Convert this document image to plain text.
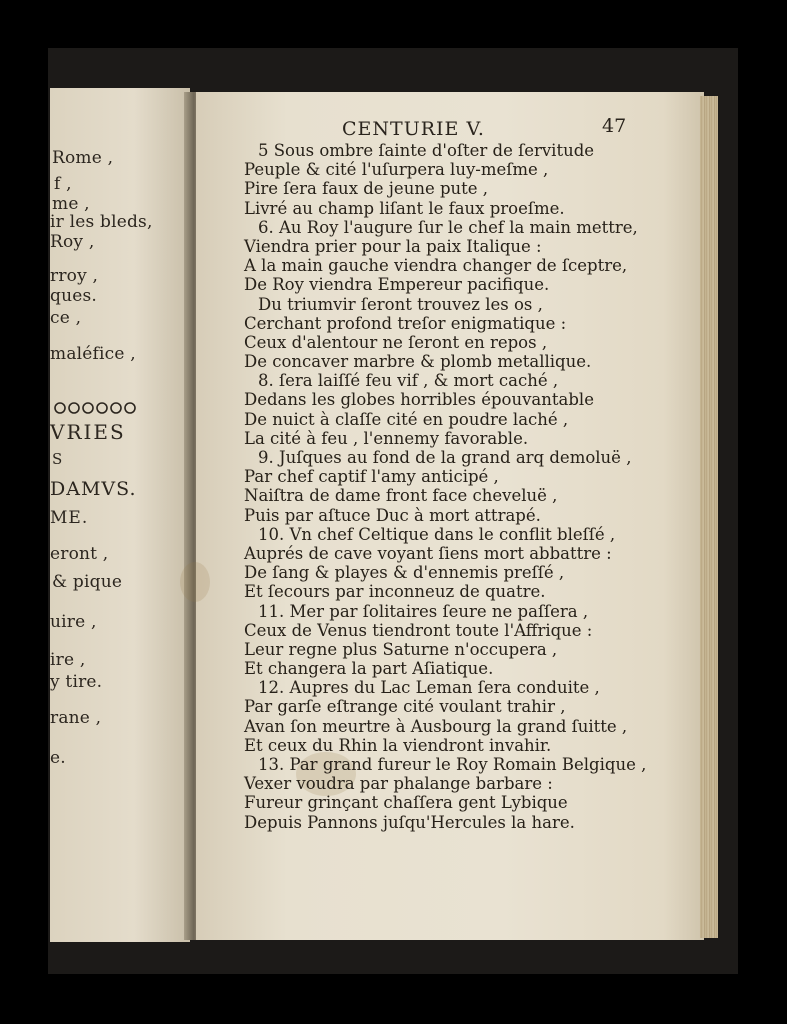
Rome ,
f ,
me ,
ir les bleds,
Roy ,
rroy ,
ques.
ce ,
maléfice ,
VRIES
S
DAMVS.
ME.
eront ,
& pique
uire ,
ire ,
y tire.
rane ,
e.
CENTURIE V.	47
5 Sous ombre ſainte d'oſter de ſervitude
Peuple & cité l'uſurpera luy-meſme ,
Pire ſera faux de jeune pute ,
Livré au champ liſant le faux proeſme.
6. Au Roy l'augure ſur le chef la main mettre,
Viendra prier pour la paix Italique :
A la main gauche viendra changer de ſceptre,
De Roy viendra Empereur pacifique.
Du triumvir ſeront trouvez les os ,
Cerchant profond treſor enigmatique :
Ceux d'alentour ne ſeront en repos ,
De concaver marbre & plomb metallique.
8. ſera laiſſé feu vif , & mort caché ,
Dedans les globes horribles épouvantable
De nuict à claſſe cité en poudre laché ,
La cité à feu , l'ennemy favorable.
9. Juſques au fond de la grand arq demoluë ,
Par chef captif l'amy anticipé ,
Naiſtra de dame front face cheveluë ,
Puis par aſtuce Duc à mort attrapé.
10. Vn chef Celtique dans le conflit bleſſé ,
Auprés de cave voyant ſiens mort abbattre :
De ſang & playes & d'ennemis preſſé ,
Et ſecours par inconneuz de quatre.
11. Mer par ſolitaires ſeure ne paſſera ,
Ceux de Venus tiendront toute l'Affrique :
Leur regne plus Saturne n'occupera ,
Et changera la part Aſiatique.
12. Aupres du Lac Leman ſera conduite ,
Par garſe eſtrange cité voulant trahir ,
Avan ſon meurtre à Ausbourg la grand ſuitte ,
Et ceux du Rhin la viendront invahir.
13. Par grand fureur le Roy Romain Belgique ,
Vexer voudra par phalange barbare :
Fureur grinçant chaſſera gent Lybique
Depuis Pannons juſqu'Hercules la hare.
